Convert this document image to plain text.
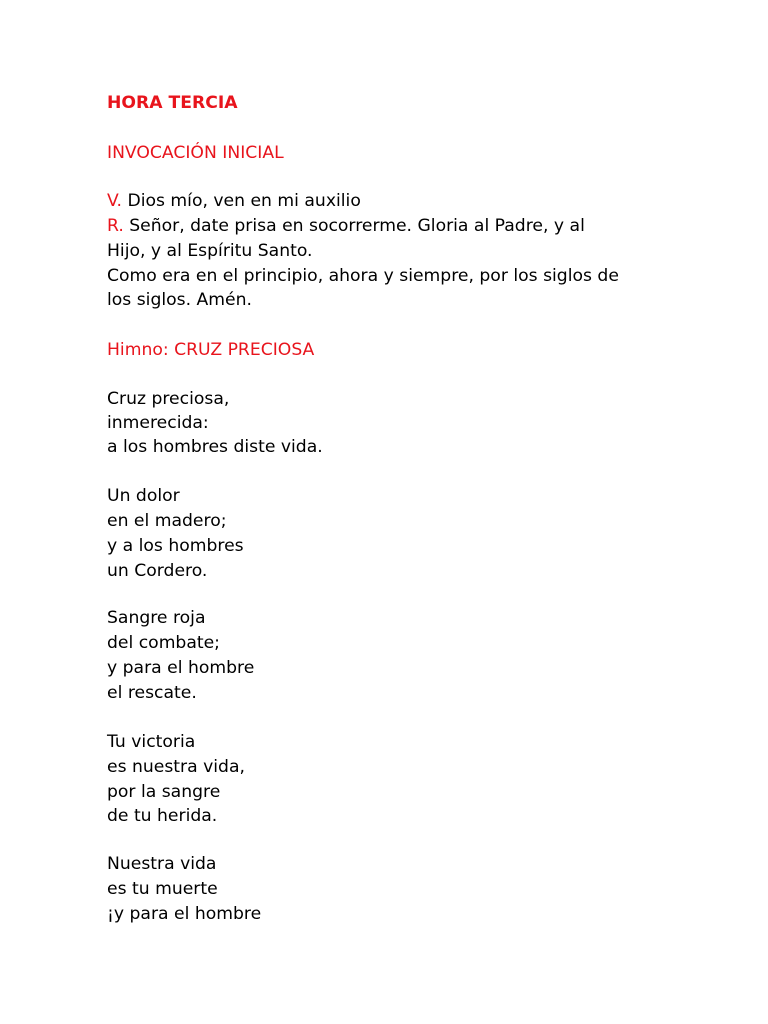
HORA TERCIA
INVOCACIÓN INICIAL
V. Dios mío, ven en mi auxilio
R. Señor, date prisa en socorrerme. Gloria al Padre, y al
Hijo, y al Espíritu Santo.
Como era en el principio, ahora y siempre, por los siglos de
los siglos. Amén.
Himno: CRUZ PRECIOSA
Cruz preciosa,
inmerecida:
a los hombres diste vida.
Un dolor
en el madero;
y a los hombres
un Cordero.
Sangre roja
del combate;
y para el hombre
el rescate.
Tu victoria
es nuestra vida,
por la sangre
de tu herida.
Nuestra vida
es tu muerte
¡y para el hombre
